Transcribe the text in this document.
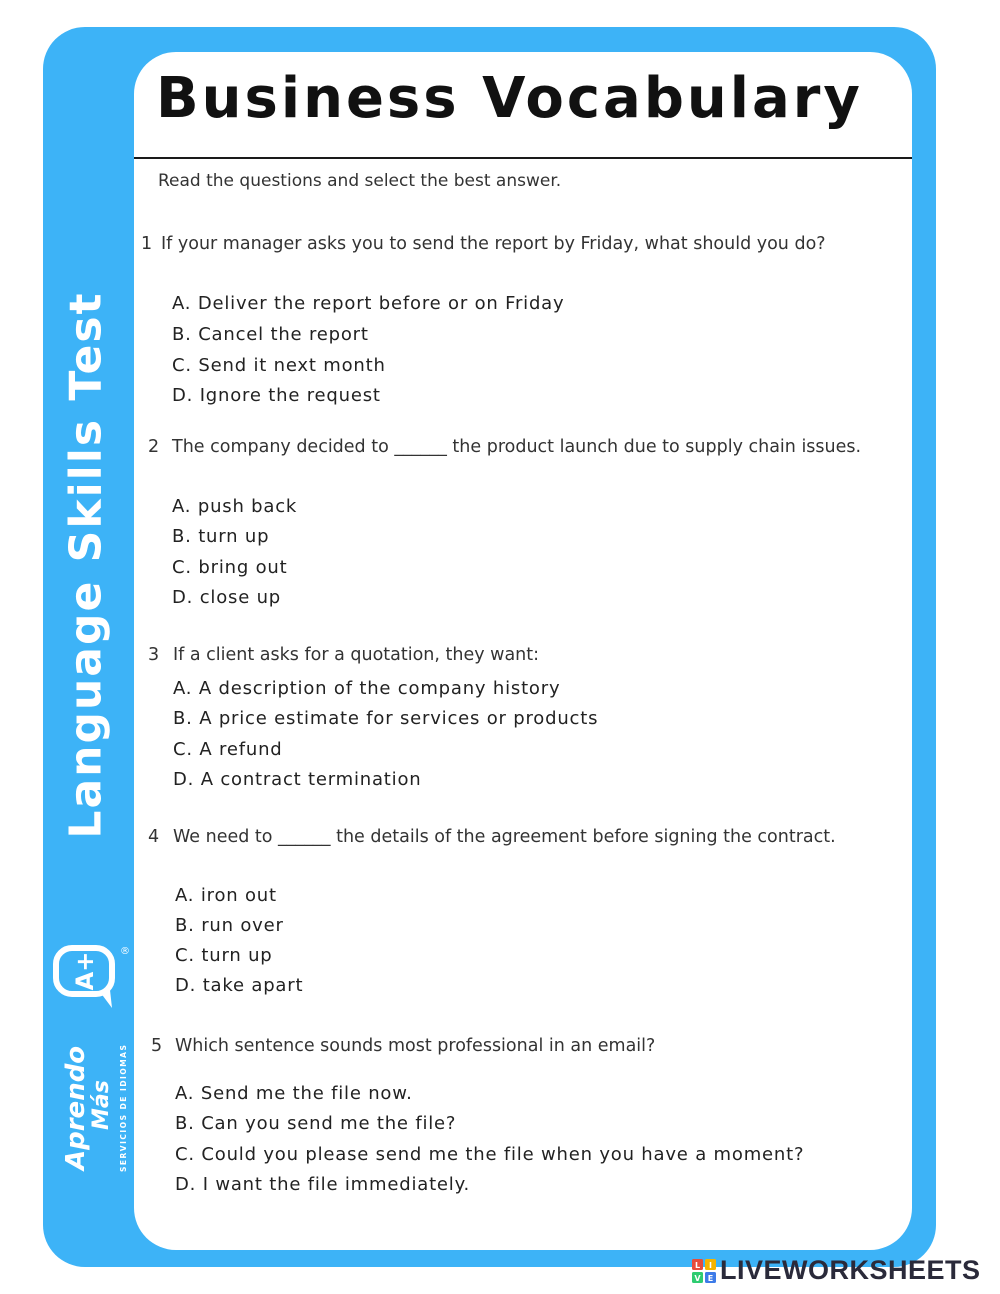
Business Vocabulary
Read the questions and select the best answer.
Language Skills Test
A+
®
Aprendo
Más SERVICIOS DE IDIOMAS
1 If your manager asks you to send the report by Friday, what should you do?
A. Deliver the report before or on Friday
B. Cancel the report
C. Send it next month
D. Ignore the request
2 The company decided to ______ the product launch due to supply chain issues.
A. push back
B. turn up
C. bring out
D. close up
3 If a client asks for a quotation, they want:
A. A description of the company history
B. A price estimate for services or products
C. A refund
D. A contract termination
4 We need to ______ the details of the agreement before signing the contract.
A. iron out
B. run over
C. turn up
D. take apart
5 Which sentence sounds most professional in an email?
A. Send me the file now.
B. Can you send me the file?
C. Could you please send me the file when you have a moment?
D. I want the file immediately.
L I
V E LIVEWORKSHEETS
